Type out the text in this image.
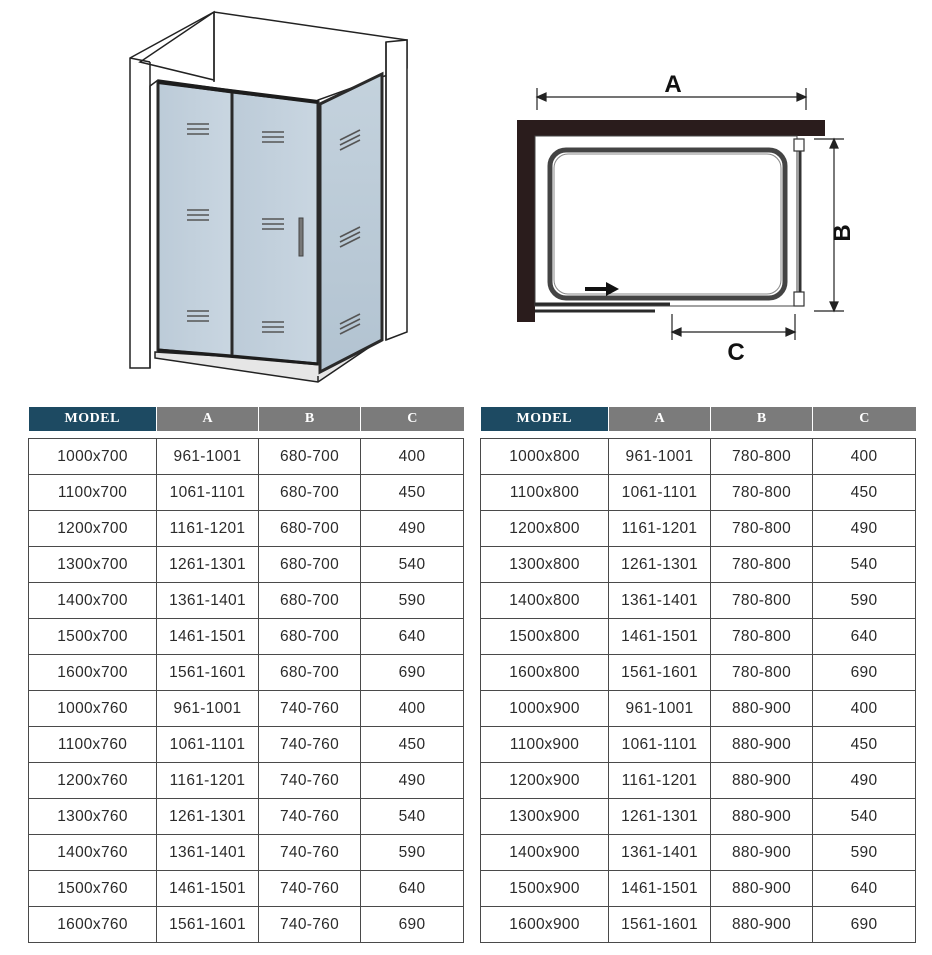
A
B
C
MODEL	A	B	C

1000x700	961-1001	680-700	400
1100x700	1061-1101	680-700	450
1200x700	1161-1201	680-700	490
1300x700	1261-1301	680-700	540
1400x700	1361-1401	680-700	590
1500x700	1461-1501	680-700	640
1600x700	1561-1601	680-700	690
1000x760	961-1001	740-760	400
1100x760	1061-1101	740-760	450
1200x760	1161-1201	740-760	490
1300x760	1261-1301	740-760	540
1400x760	1361-1401	740-760	590
1500x760	1461-1501	740-760	640
1600x760	1561-1601	740-760	690
MODEL	A	B	C

1000x800	961-1001	780-800	400
1100x800	1061-1101	780-800	450
1200x800	1161-1201	780-800	490
1300x800	1261-1301	780-800	540
1400x800	1361-1401	780-800	590
1500x800	1461-1501	780-800	640
1600x800	1561-1601	780-800	690
1000x900	961-1001	880-900	400
1100x900	1061-1101	880-900	450
1200x900	1161-1201	880-900	490
1300x900	1261-1301	880-900	540
1400x900	1361-1401	880-900	590
1500x900	1461-1501	880-900	640
1600x900	1561-1601	880-900	690
